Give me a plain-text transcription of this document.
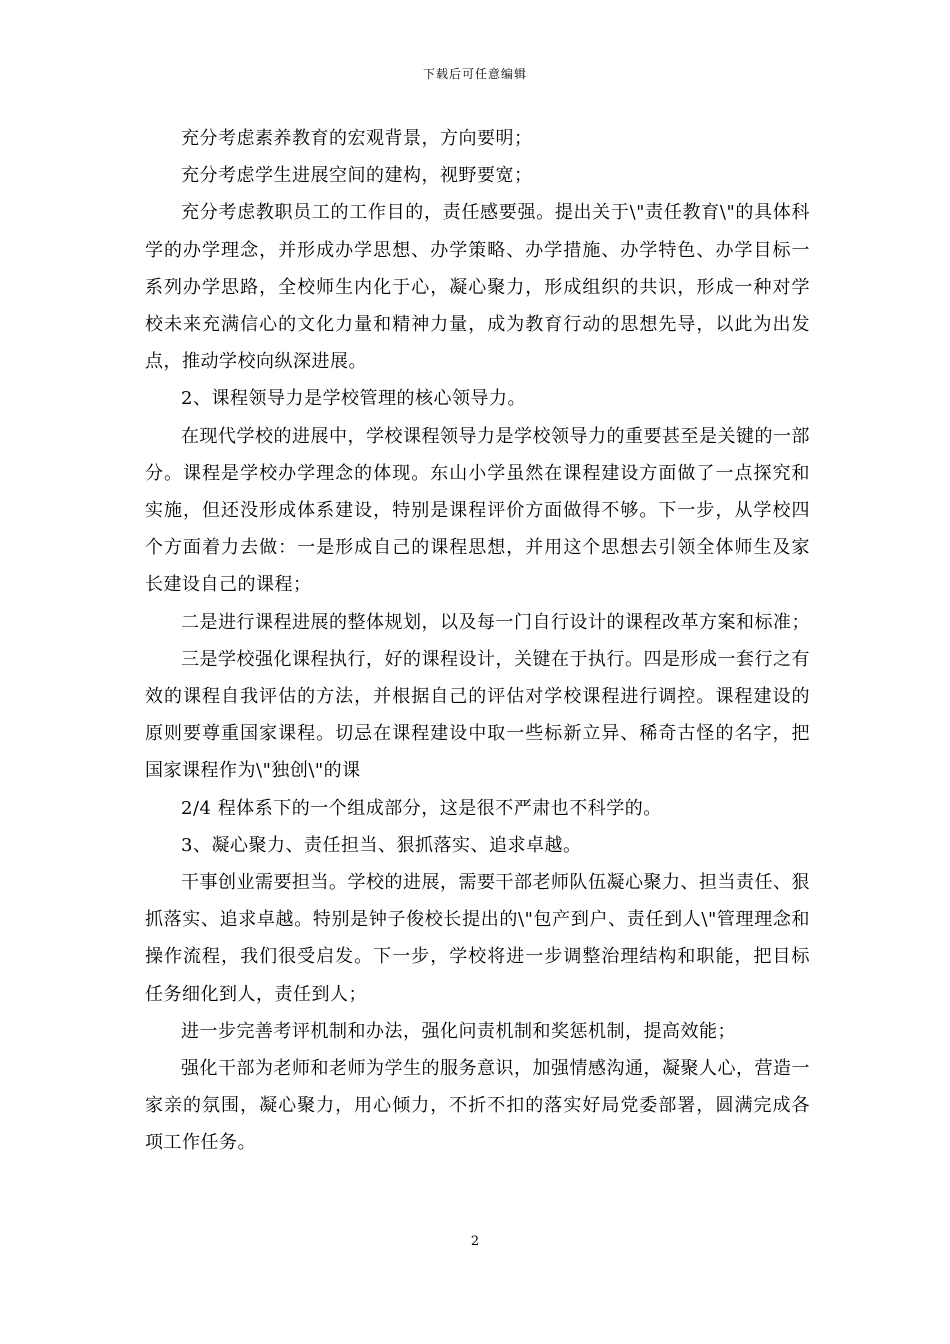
下载后可任意编辑

充分考虑素养教育的宏观背景，方向要明；

充分考虑学生进展空间的建构，视野要宽；

充分考虑教职员工的工作目的，责任感要强。提出关于\"责任教育\"的具体科学的办学理念，并形成办学思想、办学策略、办学措施、办学特色、办学目标一系列办学思路，全校师生内化于心，凝心聚力，形成组织的共识，形成一种对学校未来充满信心的文化力量和精神力量，成为教育行动的思想先导，以此为出发点，推动学校向纵深进展。

2、课程领导力是学校管理的核心领导力。

在现代学校的进展中，学校课程领导力是学校领导力的重要甚至是关键的一部分。课程是学校办学理念的体现。东山小学虽然在课程建设方面做了一点探究和实施，但还没形成体系建设，特别是课程评价方面做得不够。下一步，从学校四个方面着力去做：一是形成自己的课程思想，并用这个思想去引领全体师生及家长建设自己的课程；

二是进行课程进展的整体规划，以及每一门自行设计的课程改革方案和标准；

三是学校强化课程执行，好的课程设计，关键在于执行。四是形成一套行之有效的课程自我评估的方法，并根据自己的评估对学校课程进行调控。课程建设的原则要尊重国家课程。切忌在课程建设中取一些标新立异、稀奇古怪的名字，把国家课程作为\"独创\"的课

2/4 程体系下的一个组成部分，这是很不严肃也不科学的。

3、凝心聚力、责任担当、狠抓落实、追求卓越。

干事创业需要担当。学校的进展，需要干部老师队伍凝心聚力、担当责任、狠抓落实、追求卓越。特别是钟子俊校长提出的\"包产到户、责任到人\"管理理念和操作流程，我们很受启发。下一步，学校将进一步调整治理结构和职能，把目标任务细化到人，责任到人；

进一步完善考评机制和办法，强化问责机制和奖惩机制，提高效能；

强化干部为老师和老师为学生的服务意识，加强情感沟通，凝聚人心，营造一家亲的氛围，凝心聚力，用心倾力，不折不扣的落实好局党委部署，圆满完成各项工作任务。

2
